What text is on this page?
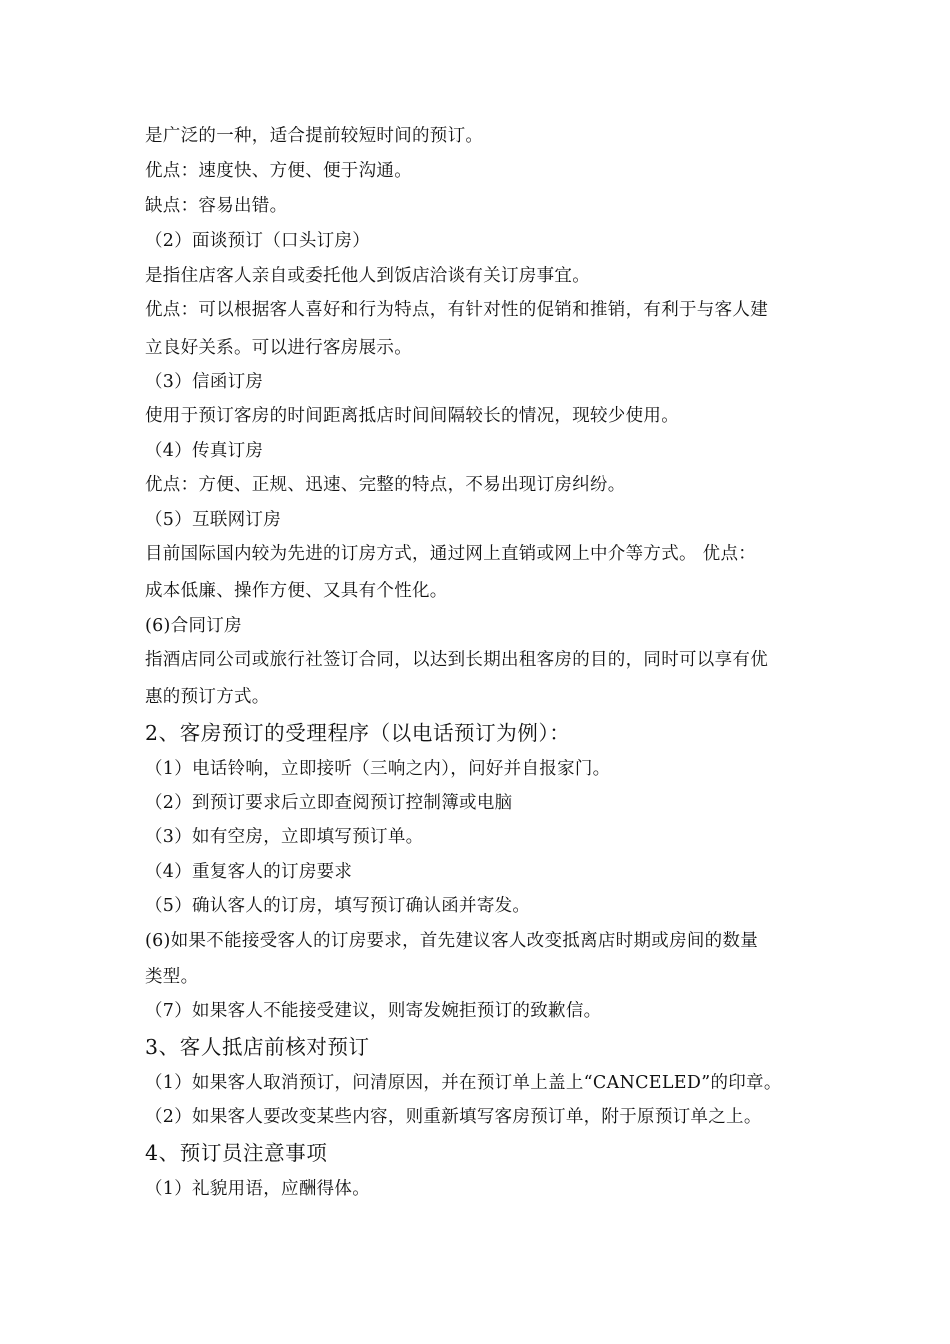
是广泛的一种，适合提前较短时间的预订。
优点：速度快、方便、便于沟通。
缺点：容易出错。
（2）面谈预订（口头订房）
是指住店客人亲自或委托他人到饭店洽谈有关订房事宜。
优点：可以根据客人喜好和行为特点，有针对性的促销和推销，有利于与客人建
立良好关系。可以进行客房展示。
（3）信函订房
使用于预订客房的时间距离抵店时间间隔较长的情况，现较少使用。
（4）传真订房
优点：方便、正规、迅速、完整的特点，不易出现订房纠纷。
（5）互联网订房
目前国际国内较为先进的订房方式，通过网上直销或网上中介等方式。 优点：
成本低廉、操作方便、又具有个性化。
(6)合同订房
指酒店同公司或旅行社签订合同，以达到长期出租客房的目的，同时可以享有优
惠的预订方式。
2、客房预订的受理程序（以电话预订为例）：
（1）电话铃响，立即接听（三响之内），问好并自报家门。
（2）到预订要求后立即查阅预订控制簿或电脑
（3）如有空房，立即填写预订单。
（4）重复客人的订房要求
（5）确认客人的订房，填写预订确认函并寄发。
(6)如果不能接受客人的订房要求，首先建议客人改变抵离店时期或房间的数量
类型。
（7）如果客人不能接受建议，则寄发婉拒预订的致歉信。
3、客人抵店前核对预订
（1）如果客人取消预订，问清原因，并在预订单上盖上“CANCELED”的印章。
（2）如果客人要改变某些内容，则重新填写客房预订单，附于原预订单之上。
4、预订员注意事项
（1）礼貌用语，应酬得体。
